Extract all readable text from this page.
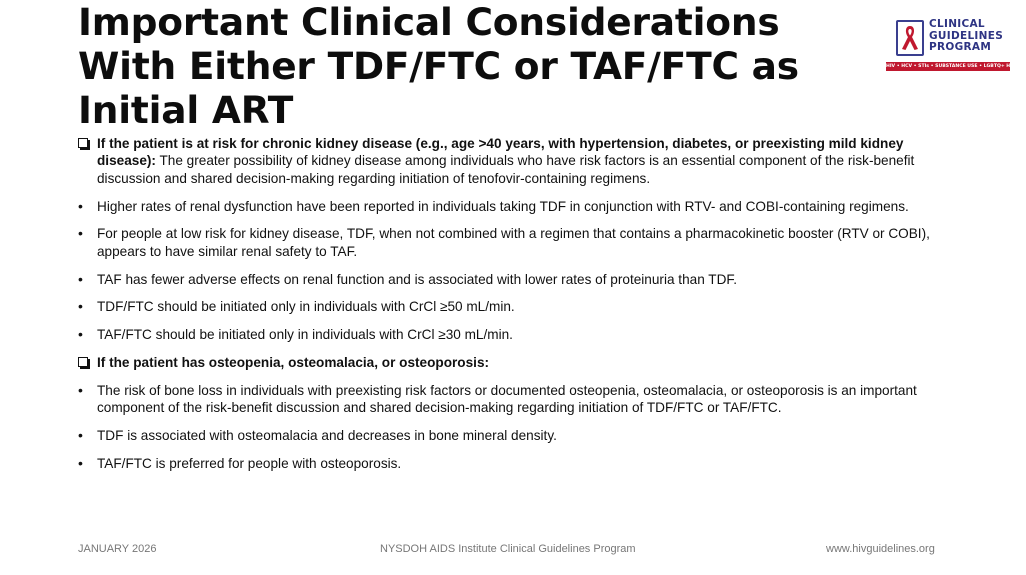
Important Clinical Considerations With Either TDF/FTC or TAF/FTC as Initial ART
CLINICAL
GUIDELINES
PROGRAM
HIV • HCV • STIs • SUBSTANCE USE • LGBTQ+ HEALTH
If the patient is at risk for chronic kidney disease (e.g., age >40 years, with hypertension, diabetes, or preexisting mild kidney disease): The greater possibility of kidney disease among individuals who have risk factors is an essential component of the risk-benefit discussion and shared decision-making regarding initiation of tenofovir-containing regimens.
•	Higher rates of renal dysfunction have been reported in individuals taking TDF in conjunction with RTV- and COBI-containing regimens.
•	For people at low risk for kidney disease, TDF, when not combined with a regimen that contains a pharmacokinetic booster (RTV or COBI), appears to have similar renal safety to TAF.
•	TAF has fewer adverse effects on renal function and is associated with lower rates of proteinuria than TDF.
•	TDF/FTC should be initiated only in individuals with CrCl ≥50 mL/min.
•	TAF/FTC should be initiated only in individuals with CrCl ≥30 mL/min.
If the patient has osteopenia, osteomalacia, or osteoporosis:
•	The risk of bone loss in individuals with preexisting risk factors or documented osteopenia, osteomalacia, or osteoporosis is an important component of the risk-benefit discussion and shared decision-making regarding initiation of TDF/FTC or TAF/FTC.
•	TDF is associated with osteomalacia and decreases in bone mineral density.
•	TAF/FTC is preferred for people with osteoporosis.
JANUARY 2026	NYSDOH AIDS Institute Clinical Guidelines Program	www.hivguidelines.org
